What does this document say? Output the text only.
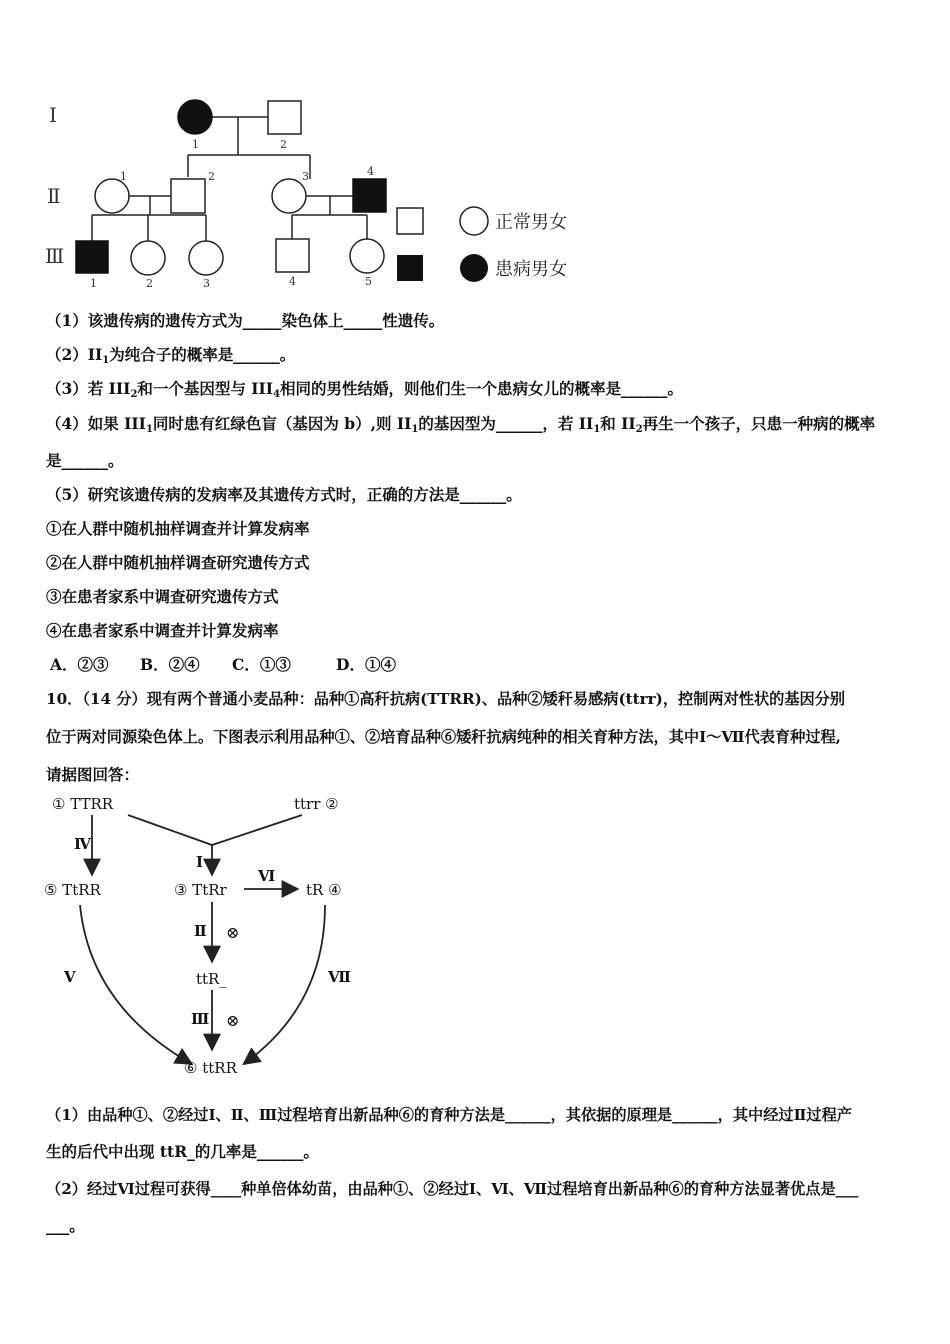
正常男女
患病男女
Ⅰ
Ⅱ
Ⅲ
1	2
1	2	3	4
1	2	3	4	5
（1）该遗传病的遗传方式为_____染色体上_____性遗传。
$(2)II_1$为纯合子的概率是______。
（3）若 $III_2$和一个基因型与 $III_4$相同的男性结婚，则他们生一个患病女儿的概率是______。
（4）如果 $III_1$同时患有红绿色盲（基因为 b）,则 $II_1$的基因型为______，若 $II_1$和 $II_2$再生一个孩子，只患一种病的概率
是______。
（5）研究该遗传病的发病率及其遗传方式时，正确的方法是______。
①在人群中随机抽样调查并计算发病率
②在人群中随机抽样调查研究遗传方式
③在患者家系中调查研究遗传方式
④在患者家系中调查并计算发病率
A．②③ B．②④ C．①③	D．①④
10．（14 分）现有两个普通小麦品种：品种①高秆抗病(TTRR)、品种②矮秆易感病(ttrr)，控制两对性状的基因分别
位于两对同源染色体上。下图表示利用品种①、②培育品种⑥矮秆抗病纯种的相关育种方法，其中Ⅰ～Ⅶ代表育种过程,
请据图回答：
① TTRR	ttrr ②
⑤ TtRR	③ TtRr	tR ④
ttR_
⑥ ttRR
Ⅰ
Ⅱ
Ⅲ
Ⅳ
Ⅴ
Ⅵ
Ⅶ
⊗
⊗
（1）由品种①、②经过Ⅰ、Ⅱ、Ⅲ过程培育出新品种⑥的育种方法是______，其依据的原理是______，其中经过Ⅱ过程产
生的后代中出现 ttR_的几率是______。
（2）经过Ⅵ过程可获得____种单倍体幼苗，由品种①、②经过Ⅰ、Ⅵ、Ⅶ过程培育出新品种⑥的育种方法显著优点是___
___。
